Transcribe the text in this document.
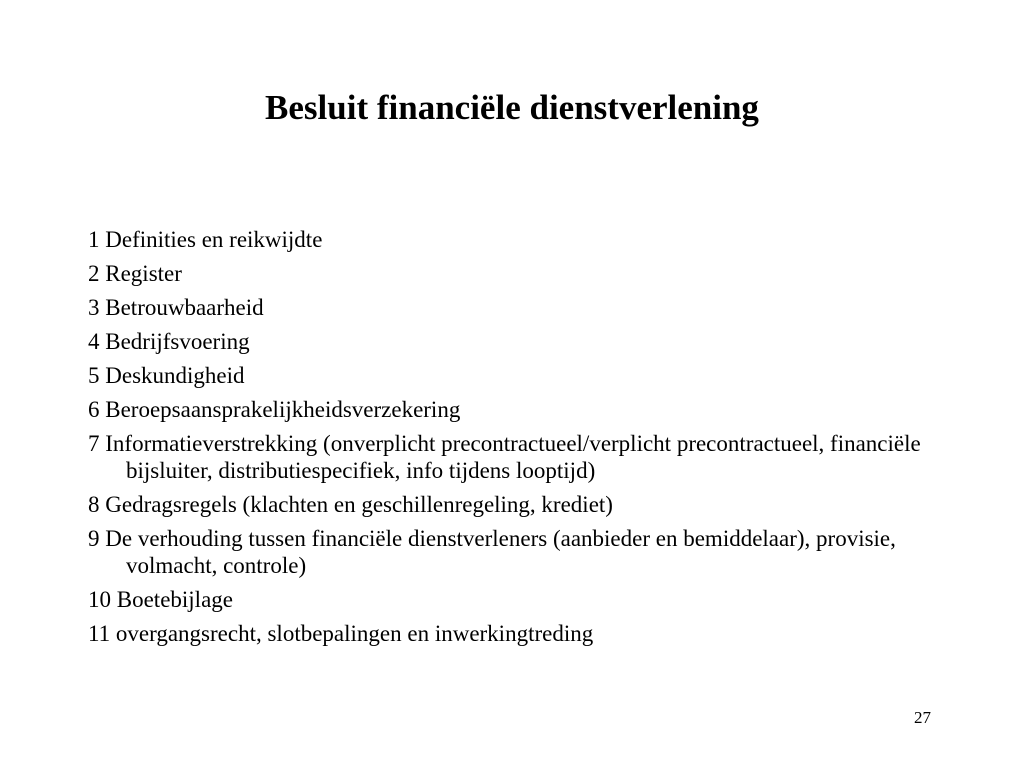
Besluit financiële dienstverlening
1 Definities en reikwijdte
2 Register
3 Betrouwbaarheid
4 Bedrijfsvoering
5 Deskundigheid
6 Beroepsaansprakelijkheidsverzekering
7 Informatieverstrekking (onverplicht precontractueel/verplicht precontractueel, financiële bijsluiter, distributiespecifiek, info tijdens looptijd)
8 Gedragsregels (klachten en geschillenregeling, krediet)
9 De verhouding tussen financiële dienstverleners (aanbieder en bemiddelaar), provisie, volmacht, controle)
10 Boetebijlage
11 overgangsrecht, slotbepalingen en inwerkingtreding
27
